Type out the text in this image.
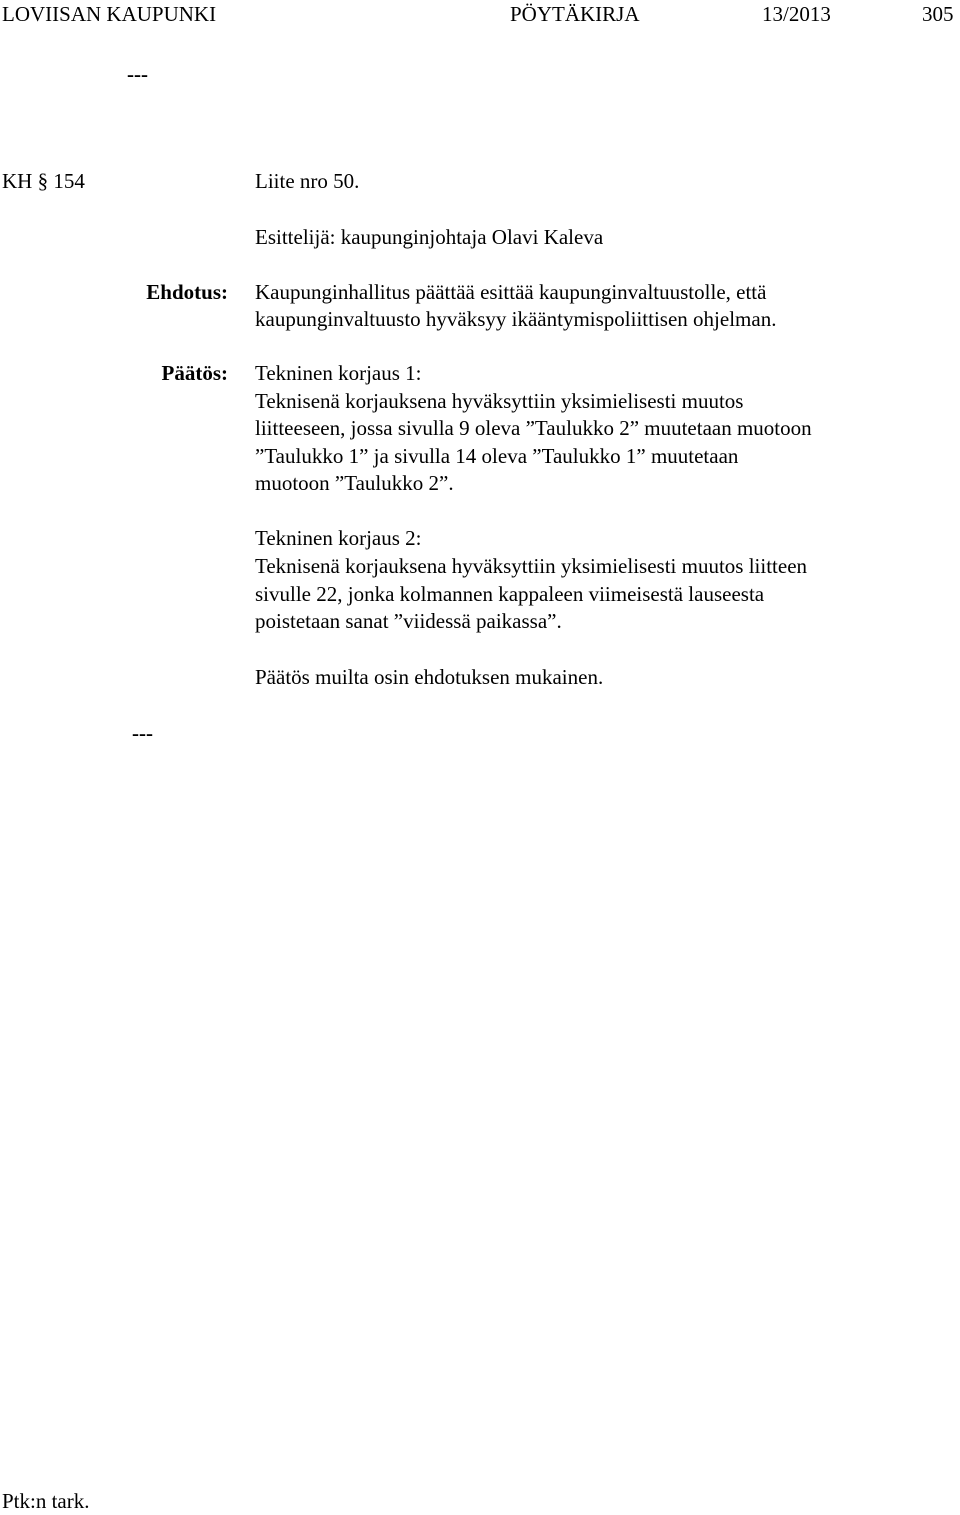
LOVIISAN KAUPUNKI	PÖYTÄKIRJA	13/2013	305
---
KH § 154	Liite nro 50.
Esittelijä: kaupunginjohtaja Olavi Kaleva
Ehdotus: Kaupunginhallitus päättää esittää kaupunginvaltuustolle, että
kaupunginvaltuusto hyväksyy ikääntymispoliittisen ohjelman.
Päätös: Tekninen korjaus 1:
Teknisenä korjauksena hyväksyttiin yksimielisesti muutos
liitteeseen, jossa sivulla 9 oleva ”Taulukko 2” muutetaan muotoon
”Taulukko 1” ja sivulla 14 oleva ”Taulukko 1” muutetaan
muotoon ”Taulukko 2”.
Tekninen korjaus 2:
Teknisenä korjauksena hyväksyttiin yksimielisesti muutos liitteen
sivulle 22, jonka kolmannen kappaleen viimeisestä lauseesta
poistetaan sanat ”viidessä paikassa”.
Päätös muilta osin ehdotuksen mukainen.
---
Ptk:n tark.
